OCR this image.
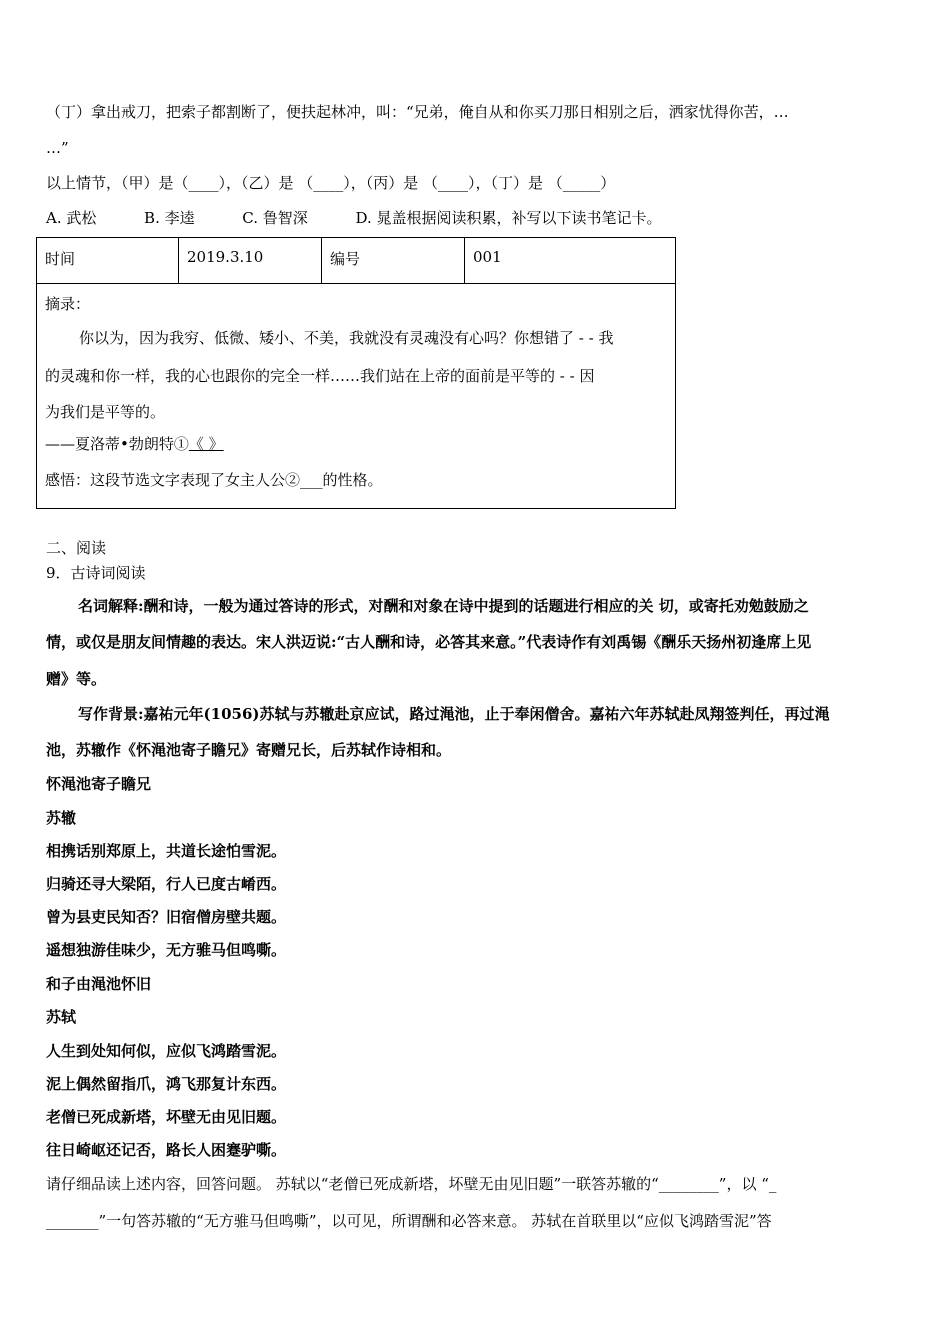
（丁）拿出戒刀，把索子都割断了，便扶起林冲，叫：“兄弟，俺自从和你买刀那日相别之后，洒家忧得你苦，…
…”
以上情节，（甲）是（____），（乙）是 （____），（丙）是 （____），（丁）是 （_____）
A. 武松          B. 李逵          C. 鲁智深          D. 晁盖根据阅读积累，补写以下读书笔记卡。
时间	2019.3.10	编号	001

摘录：
你以为，因为我穷、低微、矮小、不美，我就没有灵魂没有心吗？你想错了 - - 我
的灵魂和你一样，我的心也跟你的完全一样……我们站在上帝的面前是平等的 - - 因
为我们是平等的。
——夏洛蒂•勃朗特①《 》
感悟：这段节选文字表现了女主人公②___的性格。
二、阅读
9．古诗词阅读
名词解释:酬和诗，一般为通过答诗的形式，对酬和对象在诗中提到的话题进行相应的关 切，或寄托劝勉鼓励之
情，或仅是朋友间情趣的表达。宋人洪迈说:“古人酬和诗，必答其来意。”代表诗作有刘禹锡《酬乐天扬州初逢席上见
赠》等。
写作背景:嘉祐元年(1056)苏轼与苏辙赴京应试，路过渑池，止于奉闲僧舍。嘉祐六年苏轼赴凤翔签判任，再过渑
池，苏辙作《怀渑池寄子瞻兄》寄赠兄长，后苏轼作诗相和。
怀渑池寄子瞻兄
苏辙
相携话别郑原上，共道长途怕雪泥。
归骑还寻大梁陌，行人已度古崤西。
曾为县吏民知否？旧宿僧房壁共题。
遥想独游佳味少，无方骓马但鸣嘶。
和子由渑池怀旧
苏轼
人生到处知何似，应似飞鸿踏雪泥。
泥上偶然留指爪，鸿飞那复计东西。
老僧已死成新塔，坏壁无由见旧题。
往日崎岖还记否，路长人困蹇驴嘶。
请仔细品读上述内容，回答问题。 苏轼以“老僧已死成新塔，坏壁无由见旧题”一联答苏辙的“________”，以 “_
_______”一句答苏辙的“无方骓马但鸣嘶”，以可见，所谓酬和必答来意。 苏轼在首联里以“应似飞鸿踏雪泥”答
